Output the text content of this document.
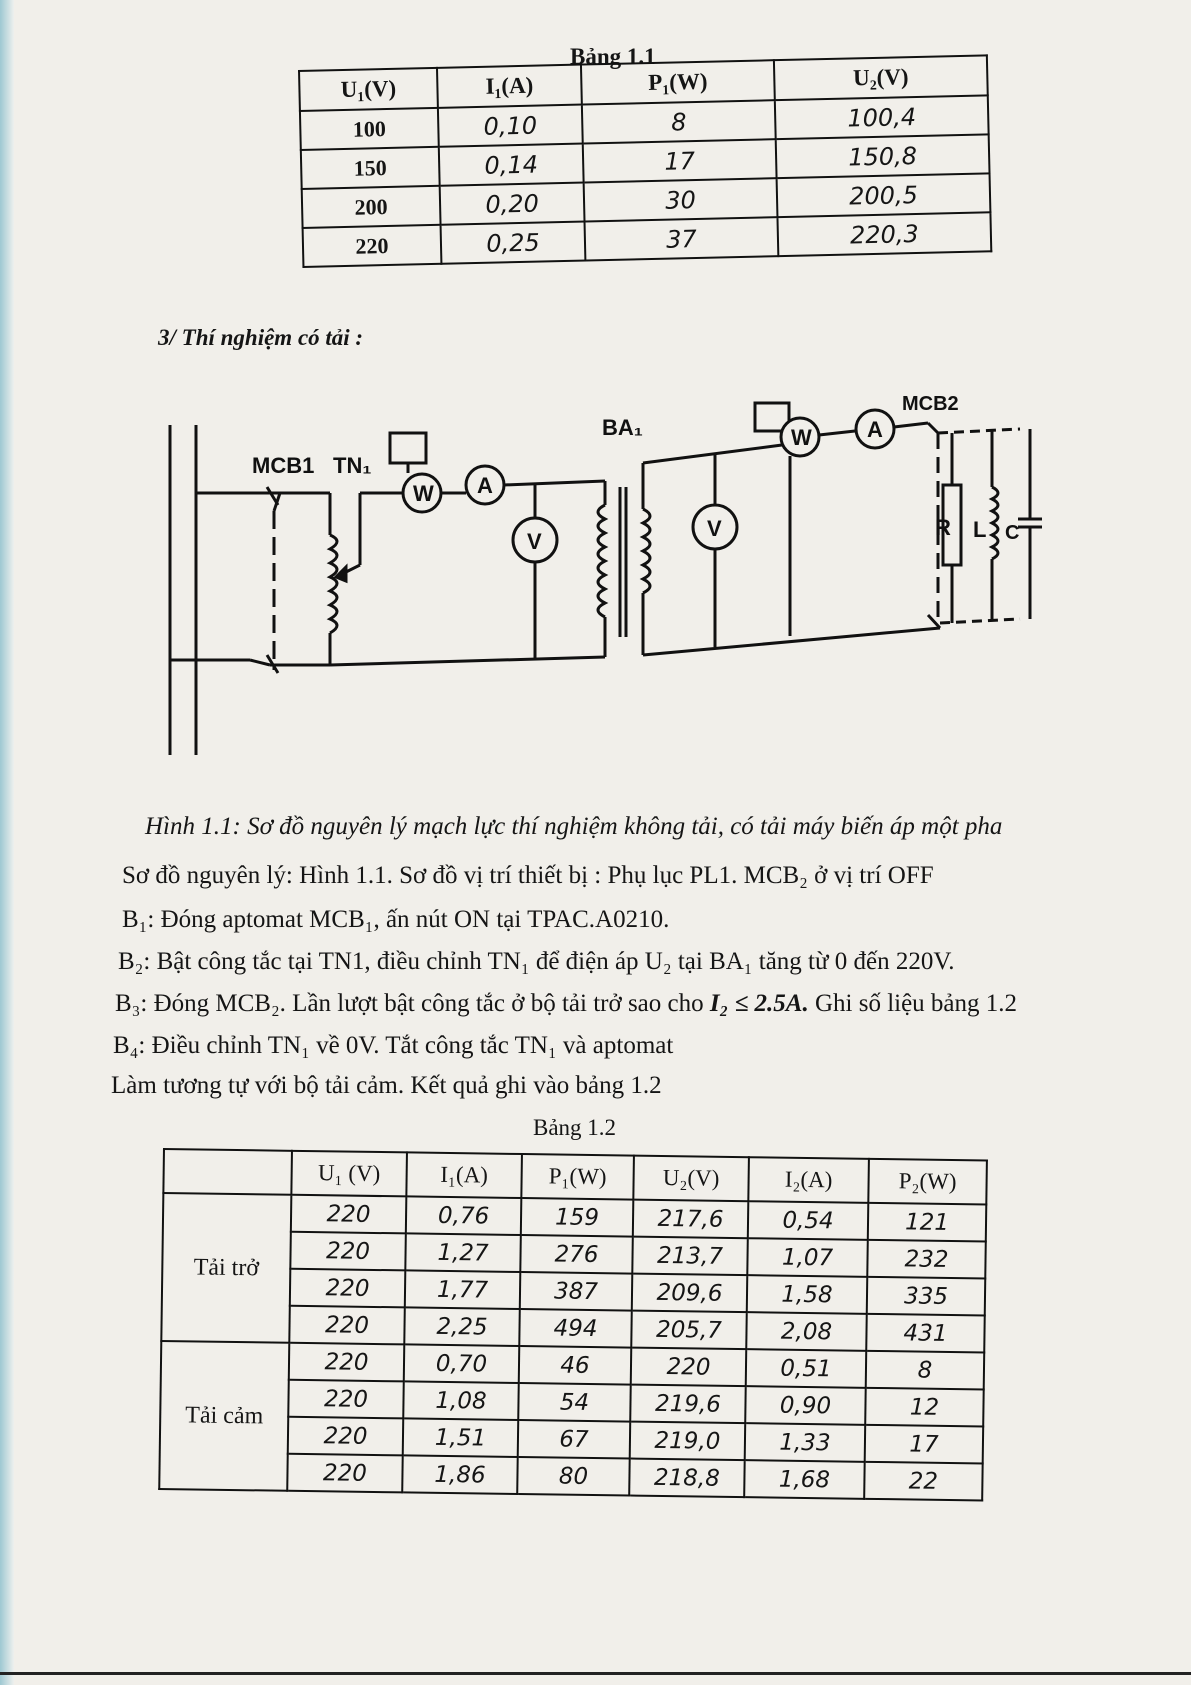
Bảng 1.1
U₁(V)	I₁(A)	P₁(W)	U₂(V)
100	0,10	8	100,4
150	0,14	17	150,8
200	0,20	30	200,5
220	0,25	37	220,3
3/ Thí nghiệm có tải :
MCB1 TN₁
W A
V
BA₁
V
W	A
MCB2
R L C
Hình 1.1: Sơ đồ nguyên lý mạch lực thí nghiệm không tải, có tải máy biến áp một pha
Sơ đồ nguyên lý: Hình 1.1. Sơ đồ vị trí thiết bị : Phụ lục PL1. MCB₂ ở vị trí OFF
B₁: Đóng aptomat MCB₁, ấn nút ON tại TPAC.A0210.
B₂: Bật công tắc tại TN1, điều chỉnh TN₁ để điện áp U₂ tại BA₁ tăng từ 0 đến 220V.
B₃: Đóng MCB₂. Lần lượt bật công tắc ở bộ tải trở sao cho I₂ ≤ 2.5A. Ghi số liệu bảng 1.2
B₄: Điều chỉnh TN₁ về 0V. Tắt công tắc TN₁ và aptomat
Làm tương tự với bộ tải cảm. Kết quả ghi vào bảng 1.2
Bảng 1.2
	U₁ (V)	I₁(A)	P₁(W)	U₂(V)	I₂(A)	P₂(W)
Tải trở	220	0,76	159	217,6	0,54	121
	220	1,27	276	213,7	1,07	232
	220	1,77	387	209,6	1,58	335
	220	2,25	494	205,7	2,08	431
Tải cảm	220	0,70	46	220	0,51	8
	220	1,08	54	219,6	0,90	12
	220	1,51	67	219,0	1,33	17
	220	1,86	80	218,8	1,68	22
